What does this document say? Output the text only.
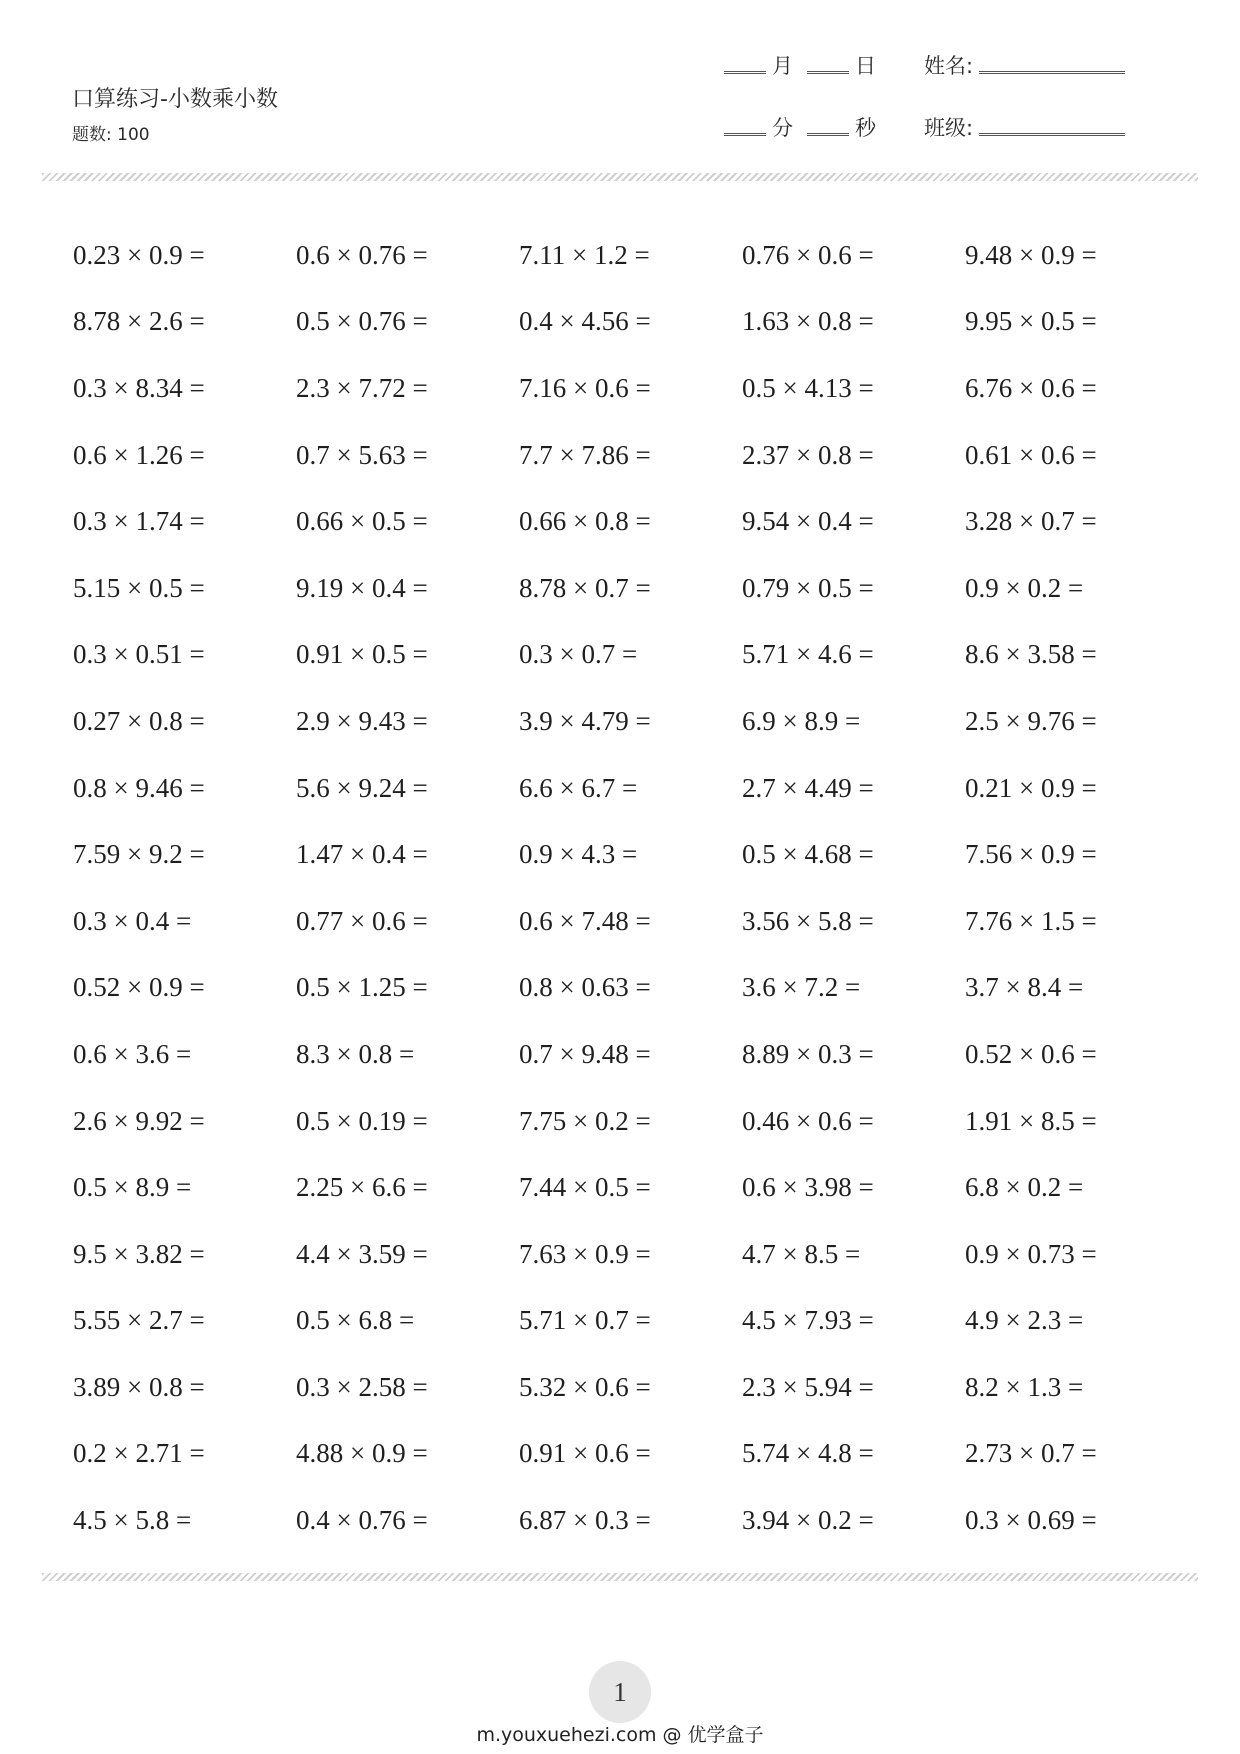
口算练习-小数乘小数
题数: 100
月	日 姓名:
分	秒 班级:
0.23 × 0.9 =	0.6 × 0.76 =	7.11 × 1.2 =	0.76 × 0.6 =	9.48 × 0.9 =
8.78 × 2.6 =	0.5 × 0.76 =	0.4 × 4.56 =	1.63 × 0.8 =	9.95 × 0.5 =
0.3 × 8.34 =	2.3 × 7.72 =	7.16 × 0.6 =	0.5 × 4.13 =	6.76 × 0.6 =
0.6 × 1.26 =	0.7 × 5.63 =	7.7 × 7.86 =	2.37 × 0.8 =	0.61 × 0.6 =
0.3 × 1.74 =	0.66 × 0.5 =	0.66 × 0.8 =	9.54 × 0.4 =	3.28 × 0.7 =
5.15 × 0.5 =	9.19 × 0.4 =	8.78 × 0.7 =	0.79 × 0.5 =	0.9 × 0.2 =
0.3 × 0.51 =	0.91 × 0.5 =	0.3 × 0.7 =	5.71 × 4.6 =	8.6 × 3.58 =
0.27 × 0.8 =	2.9 × 9.43 =	3.9 × 4.79 =	6.9 × 8.9 =	2.5 × 9.76 =
0.8 × 9.46 =	5.6 × 9.24 =	6.6 × 6.7 =	2.7 × 4.49 =	0.21 × 0.9 =
7.59 × 9.2 =	1.47 × 0.4 =	0.9 × 4.3 =	0.5 × 4.68 =	7.56 × 0.9 =
0.3 × 0.4 =	0.77 × 0.6 =	0.6 × 7.48 =	3.56 × 5.8 =	7.76 × 1.5 =
0.52 × 0.9 =	0.5 × 1.25 =	0.8 × 0.63 =	3.6 × 7.2 =	3.7 × 8.4 =
0.6 × 3.6 =	8.3 × 0.8 =	0.7 × 9.48 =	8.89 × 0.3 =	0.52 × 0.6 =
2.6 × 9.92 =	0.5 × 0.19 =	7.75 × 0.2 =	0.46 × 0.6 =	1.91 × 8.5 =
0.5 × 8.9 =	2.25 × 6.6 =	7.44 × 0.5 =	0.6 × 3.98 =	6.8 × 0.2 =
9.5 × 3.82 =	4.4 × 3.59 =	7.63 × 0.9 =	4.7 × 8.5 =	0.9 × 0.73 =
5.55 × 2.7 =	0.5 × 6.8 =	5.71 × 0.7 =	4.5 × 7.93 =	4.9 × 2.3 =
3.89 × 0.8 =	0.3 × 2.58 =	5.32 × 0.6 =	2.3 × 5.94 =	8.2 × 1.3 =
0.2 × 2.71 =	4.88 × 0.9 =	0.91 × 0.6 =	5.74 × 4.8 =	2.73 × 0.7 =
4.5 × 5.8 =	0.4 × 0.76 =	6.87 × 0.3 =	3.94 × 0.2 =	0.3 × 0.69 =
1
m.youxuehezi.com @ 优学盒子
